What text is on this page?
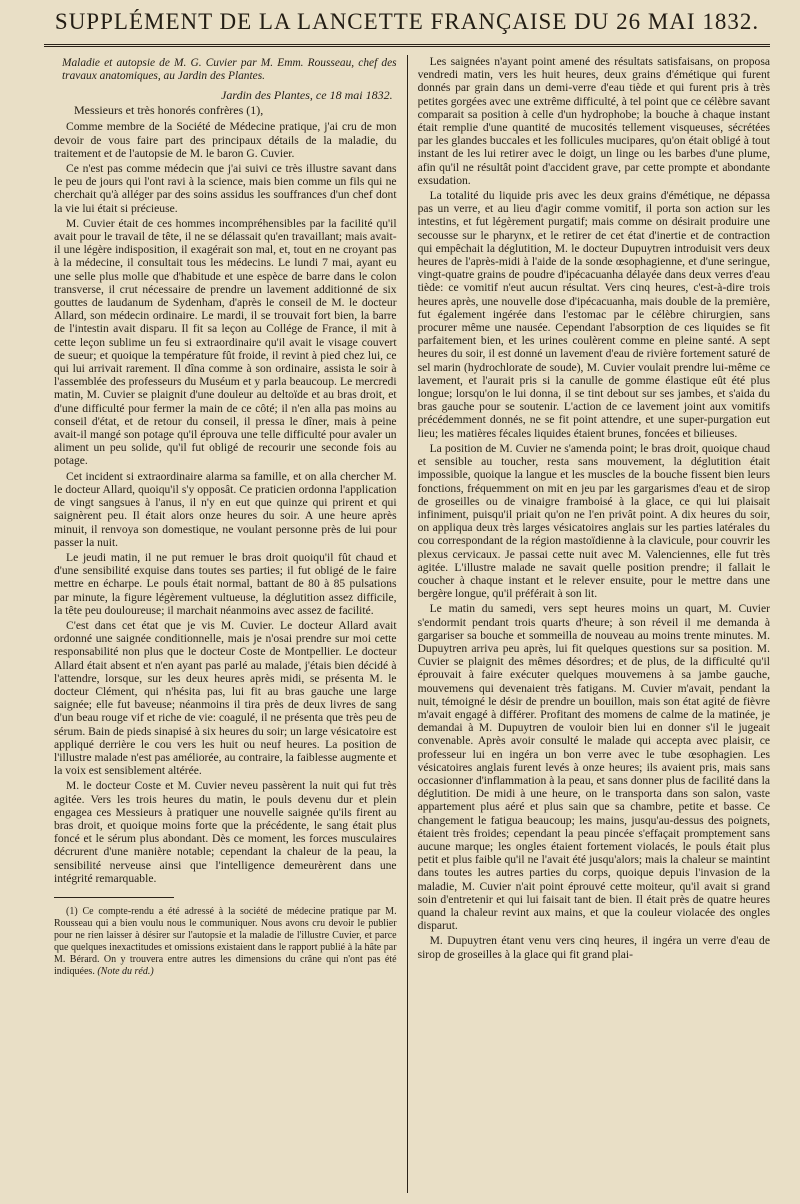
SUPPLÉMENT DE LA LANCETTE FRANÇAISE DU 26 MAI 1832.

Maladie et autopsie de M. G. Cuvier par M. Emm. Rousseau, chef des travaux anatomiques, au Jardin des Plantes.

Jardin des Plantes, ce 18 mai 1832.

Messieurs et très honorés confrères (1),

Comme membre de la Société de Médecine pratique, j'ai cru de mon devoir de vous faire part des principaux détails de la maladie, du traitement et de l'autopsie de M. le baron G. Cuvier.

Ce n'est pas comme médecin que j'ai suivi ce très illustre savant dans le peu de jours qui l'ont ravi à la science, mais bien comme un fils qui ne cherchait qu'à alléger par des soins assidus les souffrances d'un chef dont la vie lui était si précieuse.

M. Cuvier était de ces hommes incompréhensibles par la facilité qu'il avait pour le travail de tête, il ne se délassait qu'en travaillant; mais avait-il une légère indisposition, il exagérait son mal, et, tout en ne croyant pas à la médecine, il consultait tous les médecins. Le lundi 7 mai, ayant eu une selle plus molle que d'habitude et une espèce de barre dans le colon transverse, il crut nécessaire de prendre un lavement additionné de six gouttes de laudanum de Sydenham, d'après le conseil de M. le docteur Allard, son médecin ordinaire. Le mardi, il se trouvait fort bien, la barre de l'intestin avait disparu. Il fit sa leçon au Collége de France, il mit à cette leçon sublime un feu si extraordinaire qu'il avait le visage couvert de sueur; et quoique la température fût froide, il revint à pied chez lui, ce qui lui arrivait rarement. Il dîna comme à son ordinaire, assista le soir à l'assemblée des professeurs du Muséum et y parla beaucoup. Le mercredi matin, M. Cuvier se plaignit d'une douleur au deltoïde et au bras droit, et d'une difficulté pour fermer la main de ce côté; il n'en alla pas moins au conseil d'état, et de retour du conseil, il pressa le dîner, mais à peine avait-il mangé son potage qu'il éprouva une telle difficulté pour avaler un aliment un peu solide, qu'il fut obligé de recourir une seconde fois au potage.

Cet incident si extraordinaire alarma sa famille, et on alla chercher M. le docteur Allard, quoiqu'il s'y opposât. Ce praticien ordonna l'application de vingt sangsues à l'anus, il n'y en eut que quinze qui prirent et qui saignèrent peu. Il était alors onze heures du soir. A une heure après minuit, il renvoya son domestique, ne voulant personne près de lui pour passer la nuit.

Le jeudi matin, il ne put remuer le bras droit quoiqu'il fût chaud et d'une sensibilité exquise dans toutes ses parties; il fut obligé de le faire mettre en écharpe. Le pouls était normal, battant de 80 à 85 pulsations par minute, la figure légèrement vultueuse, la déglutition assez difficile, la tête peu douloureuse; il marchait néanmoins avec assez de facilité.

C'est dans cet état que je vis M. Cuvier. Le docteur Allard avait ordonné une saignée conditionnelle, mais je n'osai prendre sur moi cette responsabilité non plus que le docteur Coste de Montpellier. Le docteur Allard était absent et n'en ayant pas parlé au malade, j'étais bien décidé à l'attendre, lorsque, sur les deux heures après midi, se présenta M. le docteur Clément, qui n'hésita pas, lui fit au bras gauche une large saignée; elle fut baveuse; néanmoins il tira près de deux livres de sang d'un beau rouge vif et riche de vie: coagulé, il ne présenta que très peu de sérum. Bain de pieds sinapisé à six heures du soir; un large vésicatoire est appliqué derrière le cou vers les huit ou neuf heures. La position de l'illustre malade n'est pas améliorée, au contraire, la faiblesse augmente et la voix est sensiblement altérée.

M. le docteur Coste et M. Cuvier neveu passèrent la nuit qui fut très agitée. Vers les trois heures du matin, le pouls devenu dur et plein engagea ces Messieurs à pratiquer une nouvelle saignée qu'ils firent au bras droit, et quoique moins forte que la précédente, le sang était plus foncé et le sérum plus abondant. Dès ce moment, les forces musculaires décrurent d'une manière notable; cependant la chaleur de la peau, la sensibilité nerveuse ainsi que l'intelligence demeurèrent dans une intégrité remarquable.

(1) Ce compte-rendu a été adressé à la société de médecine pratique par M. Rousseau qui a bien voulu nous le communiquer. Nous avons cru devoir le publier pour ne rien laisser à désirer sur l'autopsie et la maladie de l'illustre Cuvier, et parce que quelques inexactitudes et omissions existaient dans le rapport publié à la hâte par M. Bérard. On y trouvera entre autres les dimensions du crâne qui n'ont pas été indiquées. (Note du réd.)

Les saignées n'ayant point amené des résultats satisfaisans, on proposa vendredi matin, vers les huit heures, deux grains d'émétique qui furent donnés par grain dans un demi-verre d'eau tiède et qui furent pris à très petites gorgées avec une extrême difficulté, à tel point que ce célèbre savant comparait sa position à celle d'un hydrophobe; la bouche à chaque instant était remplie d'une quantité de mucosités tellement visqueuses, sécrétées par les glandes buccales et les follicules mucipares, qu'on était obligé à tout instant de les lui retirer avec le doigt, un linge ou les barbes d'une plume, afin qu'il ne résultât point d'accident grave, par cette prompte et abondante exsudation.

La totalité du liquide pris avec les deux grains d'émétique, ne dépassa pas un verre, et au lieu d'agir comme vomitif, il porta son action sur les intestins, et fut légèrement purgatif; mais comme on désirait produire une secousse sur le pharynx, et le retirer de cet état d'inertie et de contraction qui empêchait la déglutition, M. le docteur Dupuytren introduisit vers deux heures de l'après-midi à l'aide de la sonde œsophagienne, et d'une seringue, vingt-quatre grains de poudre d'ipécacuanha délayée dans deux verres d'eau tiède: ce vomitif n'eut aucun résultat. Vers cinq heures, c'est-à-dire trois heures après, une nouvelle dose d'ipécacuanha, mais double de la première, fut également ingérée dans l'estomac par le célèbre chirurgien, sans procurer même une nausée. Cependant l'absorption de ces liquides se fit parfaitement bien, et les urines coulèrent comme en pleine santé. A sept heures du soir, il est donné un lavement d'eau de rivière fortement saturé de sel marin (hydrochlorate de soude), M. Cuvier voulait prendre lui-même ce lavement, et l'aurait pris si la canulle de gomme élastique eût été plus longue; lorsqu'on le lui donna, il se tint debout sur ses jambes, et s'aida du bras gauche pour se soutenir. L'action de ce lavement joint aux vomitifs précédemment donnés, ne se fit point attendre, et une super-purgation eut lieu; les matières fécales liquides étaient brunes, foncées et bilieuses.

La position de M. Cuvier ne s'amenda point; le bras droit, quoique chaud et sensible au toucher, resta sans mouvement, la déglutition était impossible, quoique la langue et les muscles de la bouche fissent bien leurs fonctions, fréquemment on mit en jeu par les gargarismes d'eau et de sirop de groseilles ou de vinaigre framboisé à la glace, ce qui lui plaisait infiniment, puisqu'il priait qu'on ne l'en privât point. A dix heures du soir, on appliqua deux très larges vésicatoires anglais sur les parties latérales du cou correspondant de la région mastoïdienne à la clavicule, pour couvrir les plexus cervicaux. Je passai cette nuit avec M. Valenciennes, elle fut très agitée. L'illustre malade ne savait quelle position prendre; il fallait le coucher à chaque instant et le relever ensuite, pour le mettre dans une bergère longue, qu'il préférait à son lit.

Le matin du samedi, vers sept heures moins un quart, M. Cuvier s'endormit pendant trois quarts d'heure; à son réveil il me demanda à gargariser sa bouche et sommeilla de nouveau au moins trente minutes. M. Dupuytren arriva peu après, lui fit quelques questions sur sa position. M. Cuvier se plaignit des mêmes désordres; et de plus, de la difficulté qu'il éprouvait à faire exécuter quelques mouvemens à sa jambe gauche, mouvemens qui devenaient très fatigans. M. Cuvier m'avait, pendant la nuit, témoigné le désir de prendre un bouillon, mais son état agité de fièvre m'avait engagé à différer. Profitant des momens de calme de la matinée, je demandai à M. Dupuytren de vouloir bien lui en donner s'il le jugeait convenable. Après avoir consulté le malade qui accepta avec plaisir, ce professeur lui en ingéra un bon verre avec le tube œsophagien. Les vésicatoires anglais furent levés à onze heures; ils avaient pris, mais sans occasionner d'inflammation à la peau, et sans donner plus de facilité dans la déglutition. De midi à une heure, on le transporta dans son salon, vaste appartement plus aéré et plus sain que sa chambre, petite et basse. Ce changement le fatigua beaucoup; les mains, jusqu'au-dessus des poignets, étaient très froides; cependant la peau pincée s'effaçait promptement sans aucune marque; les ongles étaient fortement violacés, le pouls était plus petit et plus faible qu'il ne l'avait été jusqu'alors; mais la chaleur se maintint dans toutes les autres parties du corps, quoique depuis l'invasion de la maladie, M. Cuvier n'ait point éprouvé cette moiteur, qu'il avait si grand soin d'entretenir et qui lui faisait tant de bien. Il était près de quatre heures quand la chaleur revint aux mains, et que la couleur violacée des ongles disparut.

M. Dupuytren étant venu vers cinq heures, il ingéra un verre d'eau de sirop de groseilles à la glace qui fit grand plai-
